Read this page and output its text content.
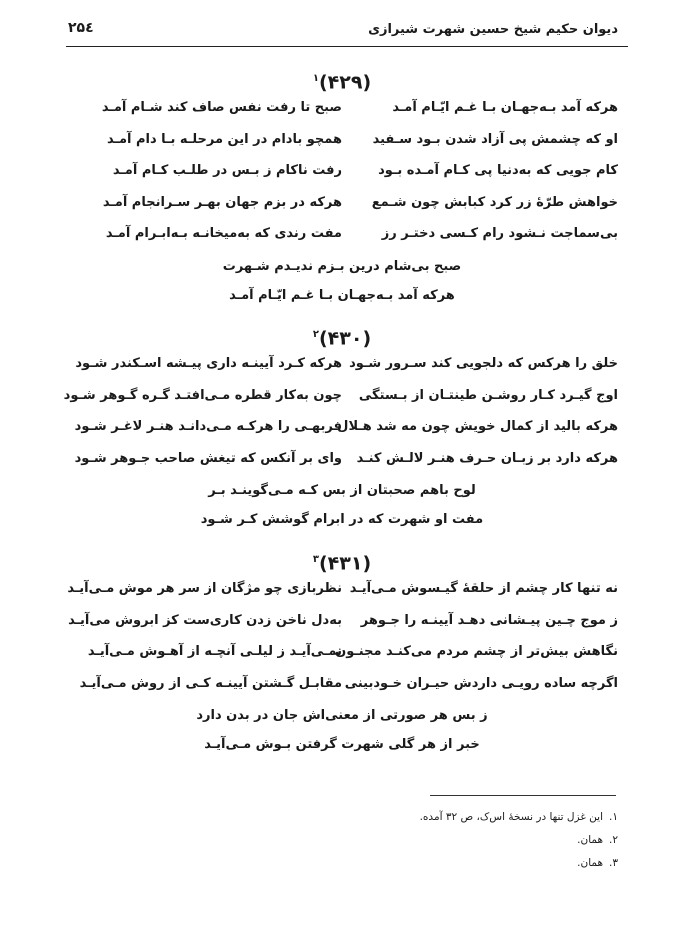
دیوان حکیم شیخ حسین شهرت شیرازی
۲۵٤
(۴۲۹)$^۱$
هرکه آمد بـه‌جهـان بـا غـم ایّـام آمـد
صبح تا رفت نفس صاف کند شـام آمـد
او که چشمش پی آزاد شدن بـود سـفید
همچو بادام در این مرحلـه بـا دام آمـد
کام جویی که به‌دنیا پی کـام آمـده بـود
رفت ناکام ز بـس در طلـب کـام آمـد
خواهش طرّهٔ زر کرد کبابش چون شـمع
هرکه در بزم جهان بهـر سـرانجام آمـد
بی‌سماجت نـشود رام کـسی دختـر رز
مفت رندی که به‌میخانـه بـه‌ابـرام آمـد
صبح بی‌شام درین بـزم ندیـدم شـهرت
هرکه آمد بـه‌جهـان بـا غـم ایّـام آمـد
(۴۳۰)$^۲$
خلق را هرکس که دلجویی کند سـرور شـود
هرکه کـرد آیینـه داری پیـشه اسـکندر شـود
اوج گیـرد کـار روشـن طینتـان از بـستگی
چون به‌کار قطره مـی‌افتـد گـره گـوهر شـود
هرکه بالید از کمال خویش چون مه شد هـلال
فربهـی را هرکـه مـی‌دانـد هنـر لاغـر شـود
هرکه دارد بر زبـان حـرف هنـر لالـش کنـد
وای بر آنکس که تیغش صاحب جـوهر شـود
لوح باهم صحبتان از بس کـه مـی‌گوینـد بـر
مفت او شهرت که در ابرام گوشش کـر شـود
(۴۳۱)$^۳$
نه تنها کار چشم از حلقهٔ گیـسوش مـی‌آیـد
نظربازی چو مژگان از سر هر موش مـی‌آیـد
ز موج چـین پیـشانی دهـد آیینـه را جـوهر
به‌دل ناخن زدن کاری‌ست کز ابروش می‌آیـد
نگاهش بیش‌تر از چشم مردم می‌کنـد مجنـون
نمـی‌آیـد ز لیلـی آنچـه از آهـوش مـی‌آیـد
اگرچه ساده رویـی داردش حیـران خـودبینی
مقابـل گـشتن آیینـه کـی از روش مـی‌آیـد
ز بس هر صورتی از معنی‌اش جان در بدن دارد
خبر از هر گلی شهرت گرفتن بـوش مـی‌آیـد
۱.این غزل تنها در نسخهٔ اس‌ک، ص ۳۲ آمده.
۲.همان.
۳.همان.
